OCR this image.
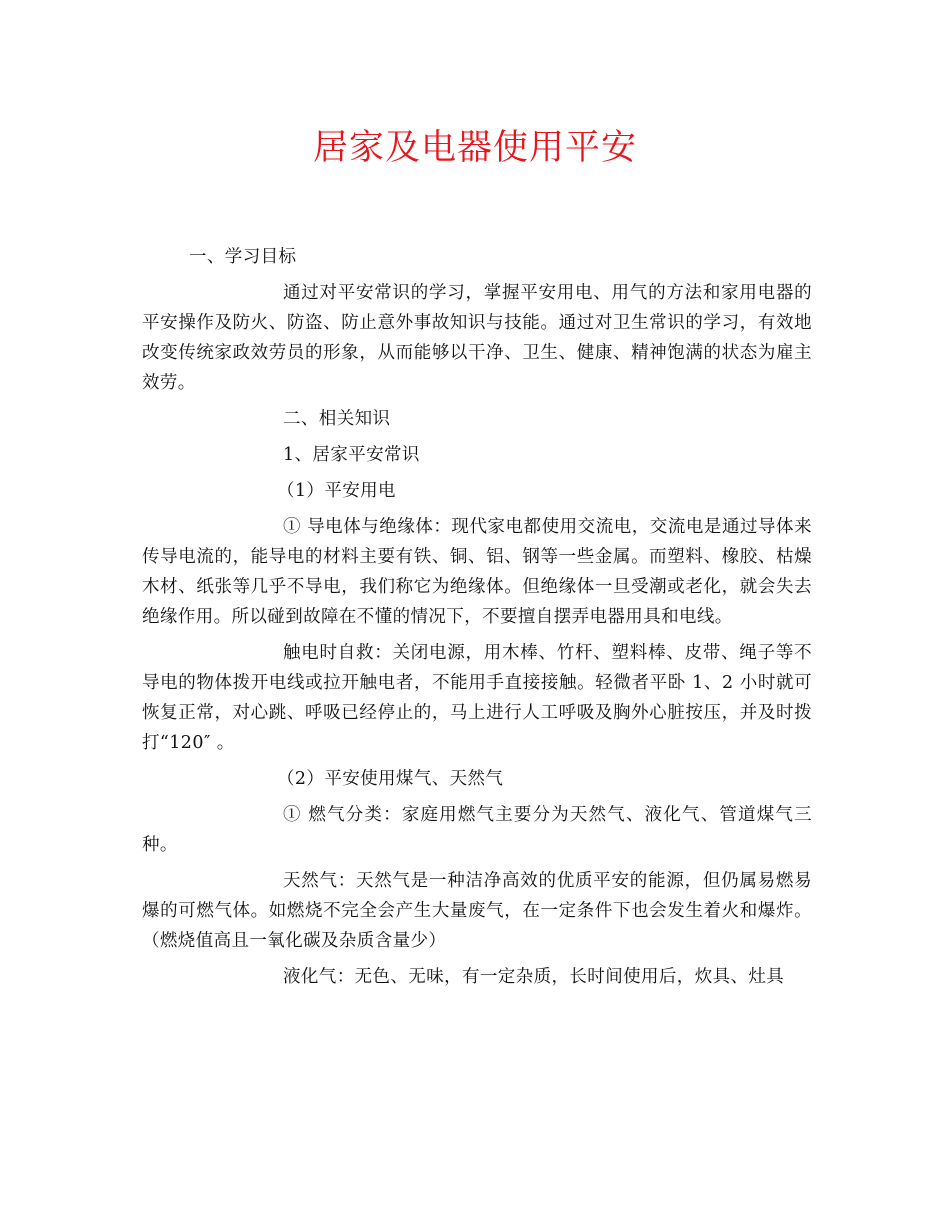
居家及电器使用平安

一、学习目标

通过对平安常识的学习，掌握平安用电、用气的方法和家用电器的平安操作及防火、防盗、防止意外事故知识与技能。通过对卫生常识的学习，有效地改变传统家政效劳员的形象，从而能够以干净、卫生、健康、精神饱满的状态为雇主效劳。

二、相关知识

1、居家平安常识

（1）平安用电

① 导电体与绝缘体：现代家电都使用交流电，交流电是通过导体来传导电流的，能导电的材料主要有铁、铜、铝、钢等一些金属。而塑料、橡胶、枯燥木材、纸张等几乎不导电，我们称它为绝缘体。但绝缘体一旦受潮或老化，就会失去绝缘作用。所以碰到故障在不懂的情况下，不要擅自摆弄电器用具和电线。

触电时自救：关闭电源，用木棒、竹杆、塑料棒、皮带、绳子等不导电的物体拨开电线或拉开触电者，不能用手直接接触。轻微者平卧 1、2 小时就可恢复正常，对心跳、呼吸已经停止的，马上进行人工呼吸及胸外心脏按压，并及时拨打“120″ 。

（2）平安使用煤气、天然气

① 燃气分类：家庭用燃气主要分为天然气、液化气、管道煤气三种。

天然气：天然气是一种洁净高效的优质平安的能源，但仍属易燃易爆的可燃气体。如燃烧不完全会产生大量废气，在一定条件下也会发生着火和爆炸。（燃烧值高且一氧化碳及杂质含量少）

液化气：无色、无味，有一定杂质，长时间使用后，炊具、灶具
